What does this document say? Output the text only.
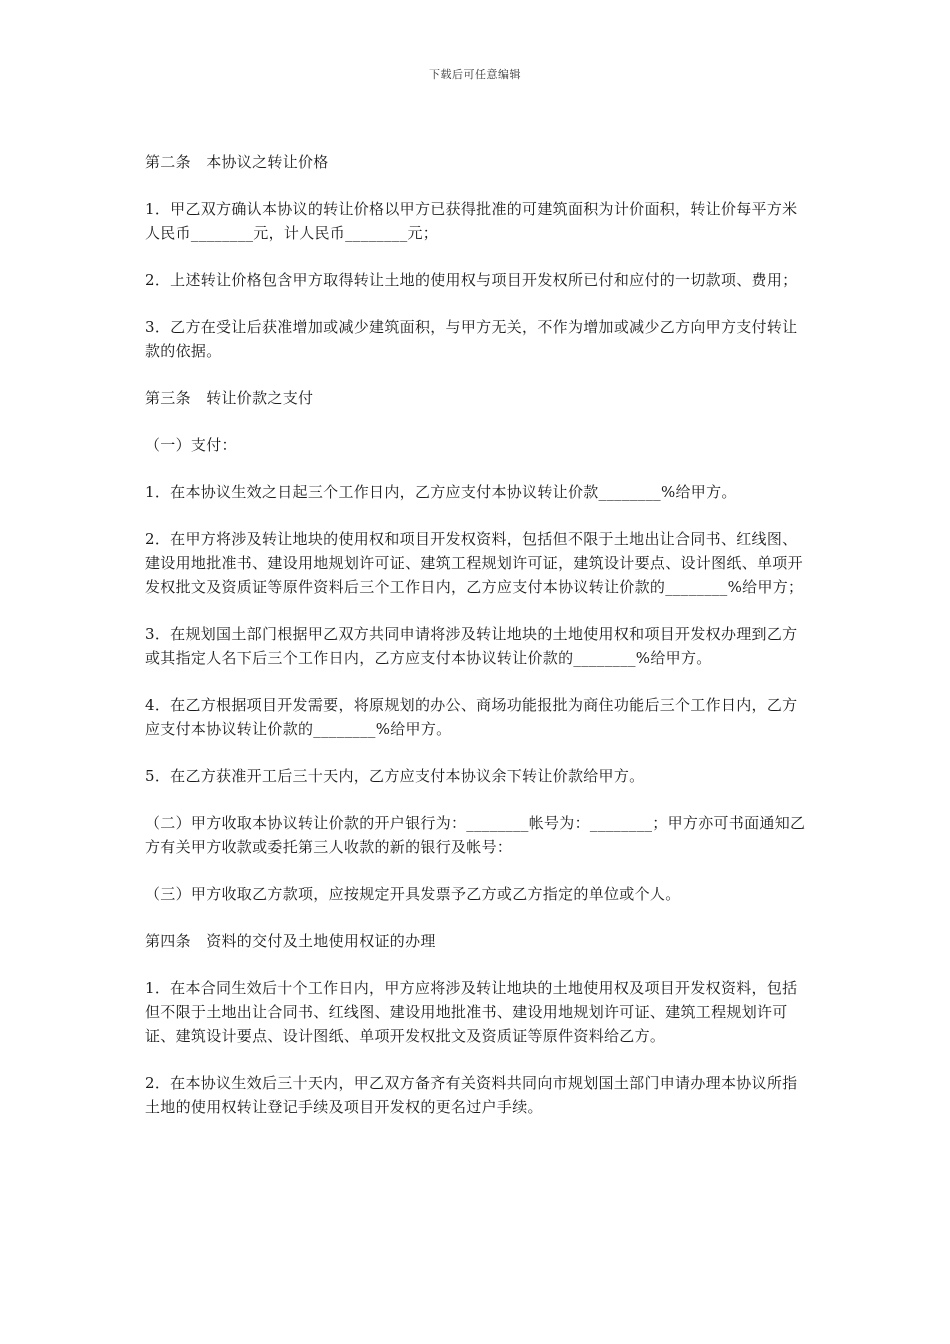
下载后可任意编辑

第二条　本协议之转让价格

1．甲乙双方确认本协议的转让价格以甲方已获得批准的可建筑面积为计价面积，转让价每平方米人民币________元，计人民币________元；

2．上述转让价格包含甲方取得转让土地的使用权与项目开发权所已付和应付的一切款项、费用；

3．乙方在受让后获准增加或减少建筑面积，与甲方无关，不作为增加或减少乙方向甲方支付转让款的依据。

第三条　转让价款之支付

（一）支付：

1．在本协议生效之日起三个工作日内，乙方应支付本协议转让价款________%给甲方。

2．在甲方将涉及转让地块的使用权和项目开发权资料，包括但不限于土地出让合同书、红线图、建设用地批准书、建设用地规划许可证、建筑工程规划许可证，建筑设计要点、设计图纸、单项开发权批文及资质证等原件资料后三个工作日内，乙方应支付本协议转让价款的________%给甲方；

3．在规划国土部门根据甲乙双方共同申请将涉及转让地块的土地使用权和项目开发权办理到乙方或其指定人名下后三个工作日内，乙方应支付本协议转让价款的________%给甲方。

4．在乙方根据项目开发需要，将原规划的办公、商场功能报批为商住功能后三个工作日内，乙方应支付本协议转让价款的________%给甲方。

5．在乙方获准开工后三十天内，乙方应支付本协议余下转让价款给甲方。

（二）甲方收取本协议转让价款的开户银行为：________帐号为：________；甲方亦可书面通知乙方有关甲方收款或委托第三人收款的新的银行及帐号：

（三）甲方收取乙方款项，应按规定开具发票予乙方或乙方指定的单位或个人。

第四条　资料的交付及土地使用权证的办理

1．在本合同生效后十个工作日内，甲方应将涉及转让地块的土地使用权及项目开发权资料，包括但不限于土地出让合同书、红线图、建设用地批准书、建设用地规划许可证、建筑工程规划许可证、建筑设计要点、设计图纸、单项开发权批文及资质证等原件资料给乙方。

2．在本协议生效后三十天内，甲乙双方备齐有关资料共同向市规划国土部门申请办理本协议所指土地的使用权转让登记手续及项目开发权的更名过户手续。
